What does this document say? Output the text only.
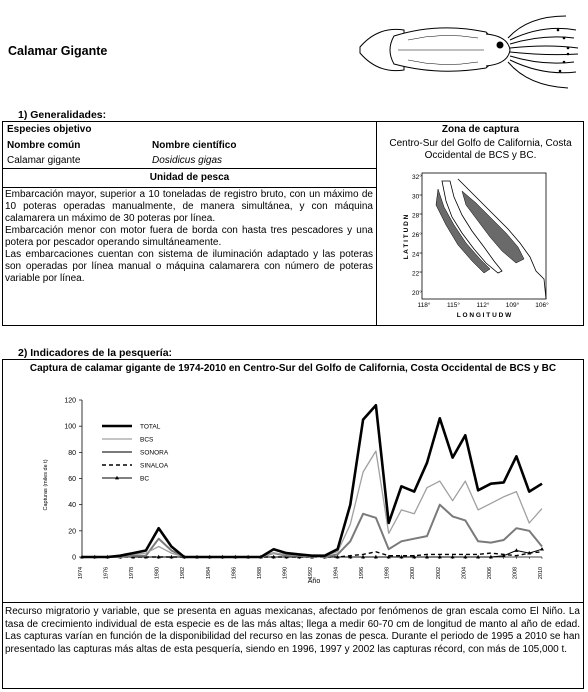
Calamar Gigante
1) Generalidades:
Especies objetivo
Nombre común	Nombre científico
Calamar gigante	Dosidicus gigas
Unidad de pesca

Embarcación mayor, superior a 10 toneladas de registro bruto, con un máximo de 10 poteras operadas manualmente, de manera simultánea, y con máquina calamarera un máximo de 30 poteras por línea.

Embarcación menor con motor fuera de borda con hasta tres pescadores y una potera por pescador operando simultáneamente.

Las embarcaciones cuentan con sistema de iluminación adaptado y las poteras son operadas por línea manual o máquina calamarera con número de poteras variable por línea.

Zona de captura
Centro-Sur del Golfo de California, Costa Occidental de BCS y BC.
32°
30°
28°
26°
24°
22°
20°
118°	115°	112°	109° 106°
L A T I T U D N
L O N G I T U D W
2) Indicadores de la pesquería:
Captura de calamar gigante de 1974-2010 en Centro-Sur del Golfo de California, Costa Occidental de BCS y BC
0
20
40
60
80
100
120
1974	1976	1978	1980	1982	1984	1986	1988	1990	1992	1994	1996	1998	2000	2002	2004	2006	2008	2010
TOTAL
BCS
SONORA
SINALOA
BC
Capturas (miles de t)
Año
Recurso migratorio y variable, que se presenta en aguas mexicanas, afectado por fenómenos de gran escala como El Niño. La tasa de crecimiento individual de esta especie es de las más altas; llega a medir 60-70 cm de longitud de manto al año de edad. Las capturas varían en función de la disponibilidad del recurso en las zonas de pesca. Durante el periodo de 1995 a 2010 se han presentado las capturas más altas de esta pesquería, siendo en 1996, 1997 y 2002 las capturas récord, con más de 105,000 t.
